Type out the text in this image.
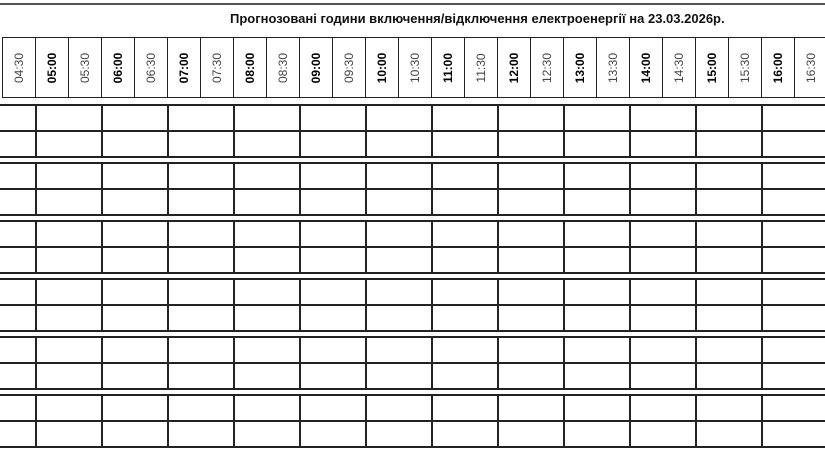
Прогнозовані години включення/відключення електроенергії на 23.03.2026р.
04:30 05:00 05:30 06:00 06:30 07:00 07:30 08:00 08:30 09:00 09:30 10:00 10:30 11:00 11:30 12:00 12:30 13:00 13:30 14:00 14:30 15:00 15:30 16:00 16:30
